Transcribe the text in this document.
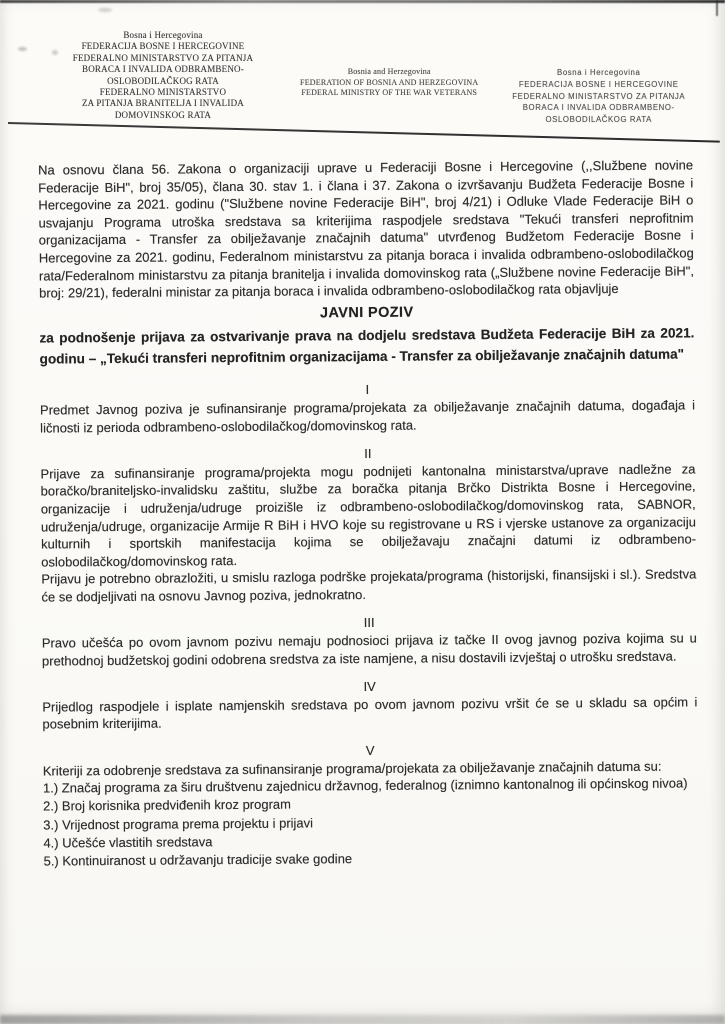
Bosna i Hercegovina
FEDERACIJA BOSNE I HERCEGOVINE
FEDERALNO MINISTARSTVO ZA PITANJA
BORACA I INVALIDA ODBRAMBENO-
OSLOBODILAČKOG RATA
FEDERALNO MINISTARSTVO
ZA PITANJA BRANITELJA I INVALIDA
DOMOVINSKOG RATA
Bosnia and Herzegovina
FEDERATION OF BOSNIA AND HERZEGOVINA
FEDERAL MINISTRY OF THE WAR VETERANS
Bosna i Hercegovina
FEDERACIJA BOSNE I HERCEGOVINE
FEDERALNO MINISTARSTVO ZA PITANJA
BORACA I INVALIDA ODBRAMBENO-
OSLOBODILAČKOG RATA
Na osnovu člana 56. Zakona o organizaciji uprave u Federaciji Bosne i Hercegovine (,,Službene novine Federacije BiH", broj 35/05), člana 30. stav 1. i člana i 37. Zakona o izvršavanju Budžeta Federacije Bosne i Hercegovine za 2021. godinu ("Službene novine Federacije BiH", broj 4/21) i Odluke Vlade Federacije BiH o usvajanju Programa utroška sredstava sa kriterijima raspodjele sredstava "Tekući transferi neprofitnim organizacijama - Transfer za obilježavanje značajnih datuma" utvrđenog Budžetom Federacije Bosne i Hercegovine za 2021. godinu, Federalnom ministarstvu za pitanja boraca i invalida odbrambeno-oslobodilačkog rata/Federalnom ministarstvu za pitanja branitelja i invalida domovinskog rata („Službene novine Federacije BiH", broj: 29/21), federalni ministar za pitanja boraca i invalida odbrambeno-oslobodilačkog rata objavljuje
JAVNI POZIV
za podnošenje prijava za ostvarivanje prava na dodjelu sredstava Budžeta Federacije BiH za 2021. godinu – „Tekući transferi neprofitnim organizacijama - Transfer za obilježavanje značajnih datuma"
I
Predmet Javnog poziva je sufinansiranje programa/projekata za obilježavanje značajnih datuma, događaja i ličnosti iz perioda odbrambeno-oslobodilačkog/domovinskog rata.
II
Prijave za sufinansiranje programa/projekta mogu podnijeti kantonalna ministarstva/uprave nadležne za boračko/braniteljsko-invalidsku zaštitu, službe za boračka pitanja Brčko Distrikta Bosne i Hercegovine, organizacije i udruženja/udruge proizišle iz odbrambeno-oslobodilačkog/domovinskog rata, SABNOR, udruženja/udruge, organizacije Armije R BiH i HVO koje su registrovane u RS i vjerske ustanove za organizaciju kulturnih i sportskih manifestacija kojima se obilježavaju značajni datumi iz odbrambeno-oslobodilačkog/domovinskog rata.
Prijavu je potrebno obrazložiti, u smislu razloga podrške projekata/programa (historijski, finansijski i sl.). Sredstva će se dodjeljivati na osnovu Javnog poziva, jednokratno.
III
Pravo učešća po ovom javnom pozivu nemaju podnosioci prijava iz tačke II ovog javnog poziva kojima su u prethodnoj budžetskoj godini odobrena sredstva za iste namjene, a nisu dostavili izvještaj o utrošku sredstava.
IV
Prijedlog raspodjele i isplate namjenskih sredstava po ovom javnom pozivu vršit će se u skladu sa općim i posebnim kriterijima.
V
Kriteriji za odobrenje sredstava za sufinansiranje programa/projekata za obilježavanje značajnih datuma su:
1.) Značaj programa za širu društvenu zajednicu državnog, federalnog (iznimno kantonalnog ili općinskog nivoa)
2.) Broj korisnika predviđenih kroz program
3.) Vrijednost programa prema projektu i prijavi
4.) Učešće vlastitih sredstava
5.) Kontinuiranost u održavanju tradicije svake godine
